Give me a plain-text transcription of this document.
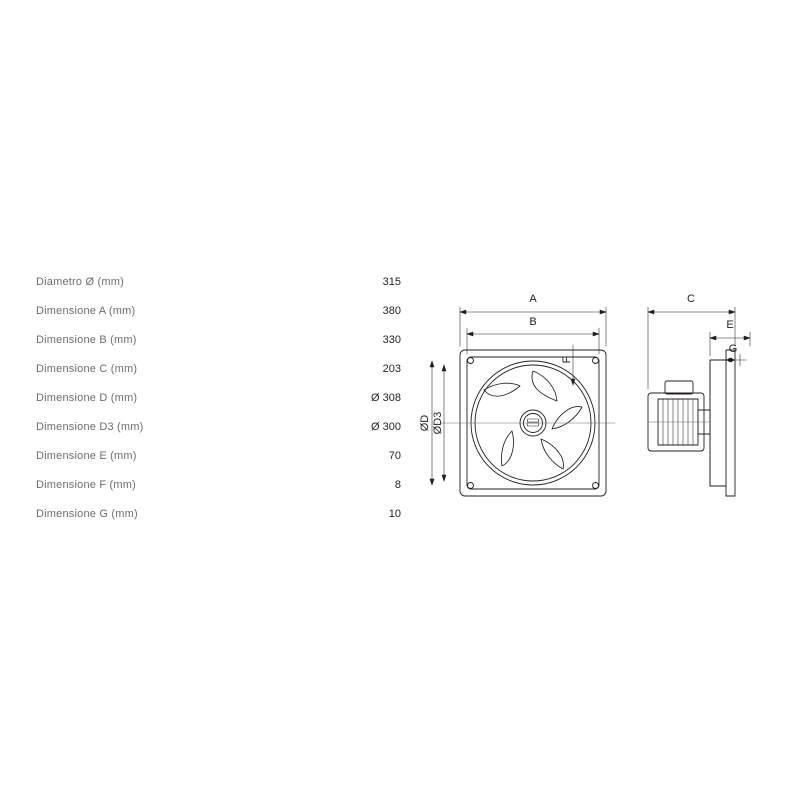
Diametro Ø (mm)	315
Dimensione A (mm)	380
Dimensione B (mm)	330
Dimensione C (mm)	203
Dimensione D (mm)	Ø 308
Dimensione D3 (mm)	Ø 300
Dimensione E (mm)	70
Dimensione F (mm)	8
Dimensione G (mm)	10
A
B
ØD ØD3
F
C
E
G
